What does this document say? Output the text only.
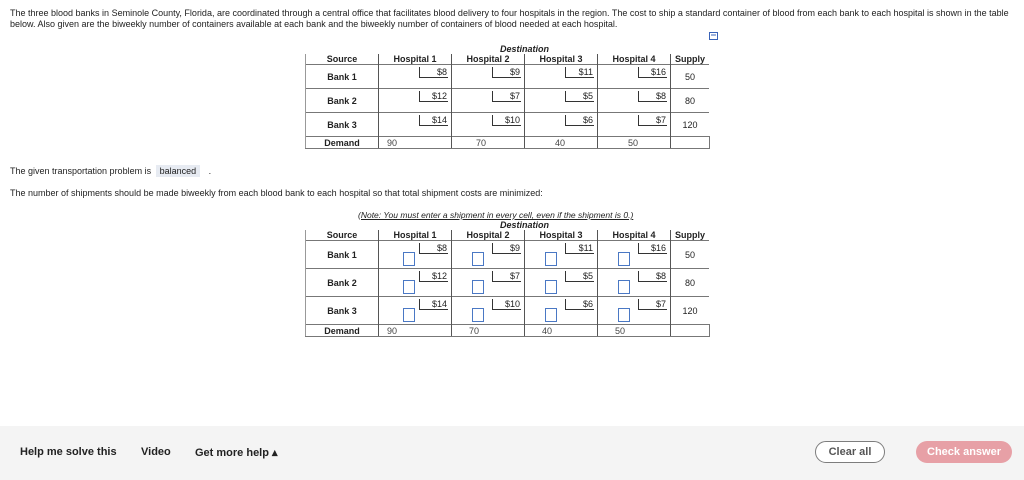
The three blood banks in Seminole County, Florida, are coordinated through a central office that facilitates blood delivery to four hospitals in the region. The cost to ship a standard container of blood from each bank to each hospital is shown in the table below. Also given are the biweekly number of containers available at each bank and the biweekly number of containers of blood needed at each hospital.
	Destination				
Source	Hospital 1	Hospital 2	Hospital 3	Hospital 4	Supply
Bank 1	$8	$9	$11	$16	50
Bank 2	$12	$7	$5	$8	80
Bank 3	$14	$10	$6	$7	120
Demand	90	70	40	50	
The given transportation problem is balanced .
The number of shipments should be made biweekly from each blood bank to each hospital so that total shipment costs are minimized:
(Note: You must enter a shipment in every cell, even if the shipment is 0.)
	Destination				
Source	Hospital 1	Hospital 2	Hospital 3	Hospital 4	Supply
Bank 1	$8	$9	$11	$16	50
Bank 2	$12	$7	$5	$8	80
Bank 3	$14	$10	$6	$7	120
Demand	90	70	40	50	
Help me solve this Video Get more help ▴	Clear all	Check answer
